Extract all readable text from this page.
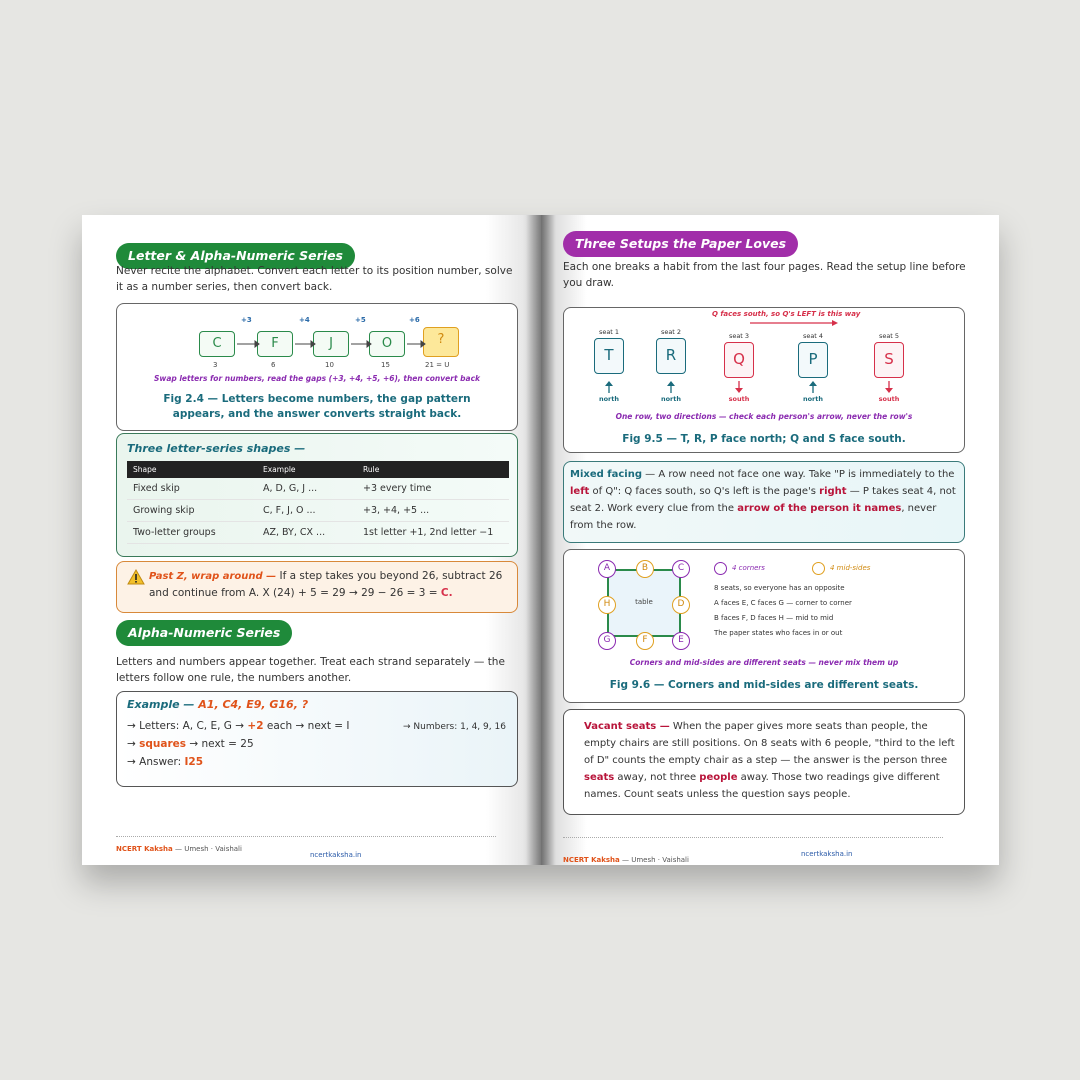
Letter & Alpha-Numeric Series
Never recite the alphabet. Convert each letter to its position number, solve it as a number series, then convert back.
C	F	J	O	?
+3	+4	+5	+6
3	6	10	15	21 = U
Swap letters for numbers, read the gaps (+3, +4, +5, +6), then convert back
Fig 2.4 — Letters become numbers, the gap pattern appears, and the answer converts straight back.
Three letter-series shapes —
Shape	Example	Rule
Fixed skip	A, D, G, J ...	+3 every time
Growing skip	C, F, J, O ...	+3, +4, +5 ...
Two-letter groups	AZ, BY, CX ...	1st letter +1, 2nd letter −1
Past Z, wrap around — If a step takes you beyond 26, subtract 26 and continue from A. X (24) + 5 = 29 → 29 − 26 = 3 = C.
Alpha-Numeric Series
Letters and numbers appear together. Treat each strand separately — the letters follow one rule, the numbers another.
Example — A1, C4, E9, G16, ?
→ Letters: A, C, E, G → +2 each → next = I	→ Numbers: 1, 4, 9, 16
→ squares → next = 25
→ Answer: I25
NCERT Kaksha — Umesh · Vaishali
ncertkaksha.in
Three Setups the Paper Loves
Each one breaks a habit from the last four pages. Read the setup line before you draw.
Q faces south, so Q's LEFT is this way
seat 1
T
north
seat 2
R
north
seat 3
Q
south
seat 4
P
north
seat 5
S
south
One row, two directions — check each person's arrow, never the row's
Fig 9.5 — T, R, P face north; Q and S face south.
Mixed facing — A row need not face one way. Take "P is immediately to the left of Q": Q faces south, so Q's left is the page's right — P takes seat 4, not seat 2. Work every clue from the arrow of the person it names, never from the row.
table
A	B	C
D
E
F
G
H
4 corners	4 mid-sides
8 seats, so everyone has an opposite
A faces E, C faces G — corner to corner
B faces F, D faces H — mid to mid
The paper states who faces in or out
Corners and mid-sides are different seats — never mix them up
Fig 9.6 — Corners and mid-sides are different seats.
Vacant seats — When the paper gives more seats than people, the empty chairs are still positions. On 8 seats with 6 people, "third to the left of D" counts the empty chair as a step — the answer is the person three seats away, not three people away. Those two readings give different names. Count seats unless the question says people.
NCERT Kaksha — Umesh · Vaishali
ncertkaksha.in
